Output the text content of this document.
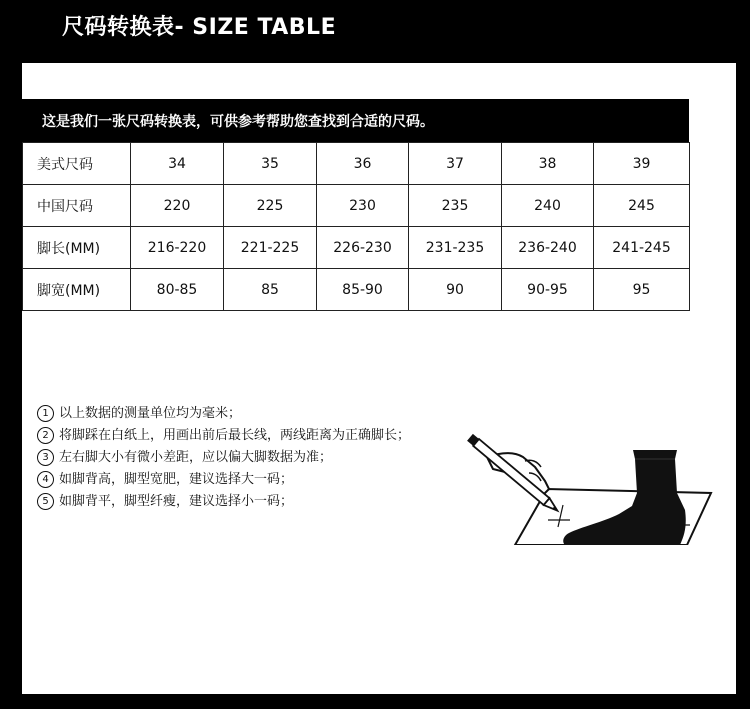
尺码转换表- SIZE TABLE
这是我们一张尺码转换表，可供参考帮助您查找到合适的尺码。
美式尺码	34	35	36	37	38	39
中国尺码	220	225	230	235	240	245
脚长(MM)	216-220	221-225	226-230	231-235	236-240	241-245
脚宽(MM)	80-85	85	85-90	90	90-95	95
1 以上数据的测量单位均为毫米；
2 将脚踩在白纸上，用画出前后最长线，两线距离为正确脚长；
3 左右脚大小有微小差距，应以偏大脚数据为准；
4 如脚背高，脚型宽肥，建议选择大一码；
5 如脚背平，脚型纤瘦，建议选择小一码；
